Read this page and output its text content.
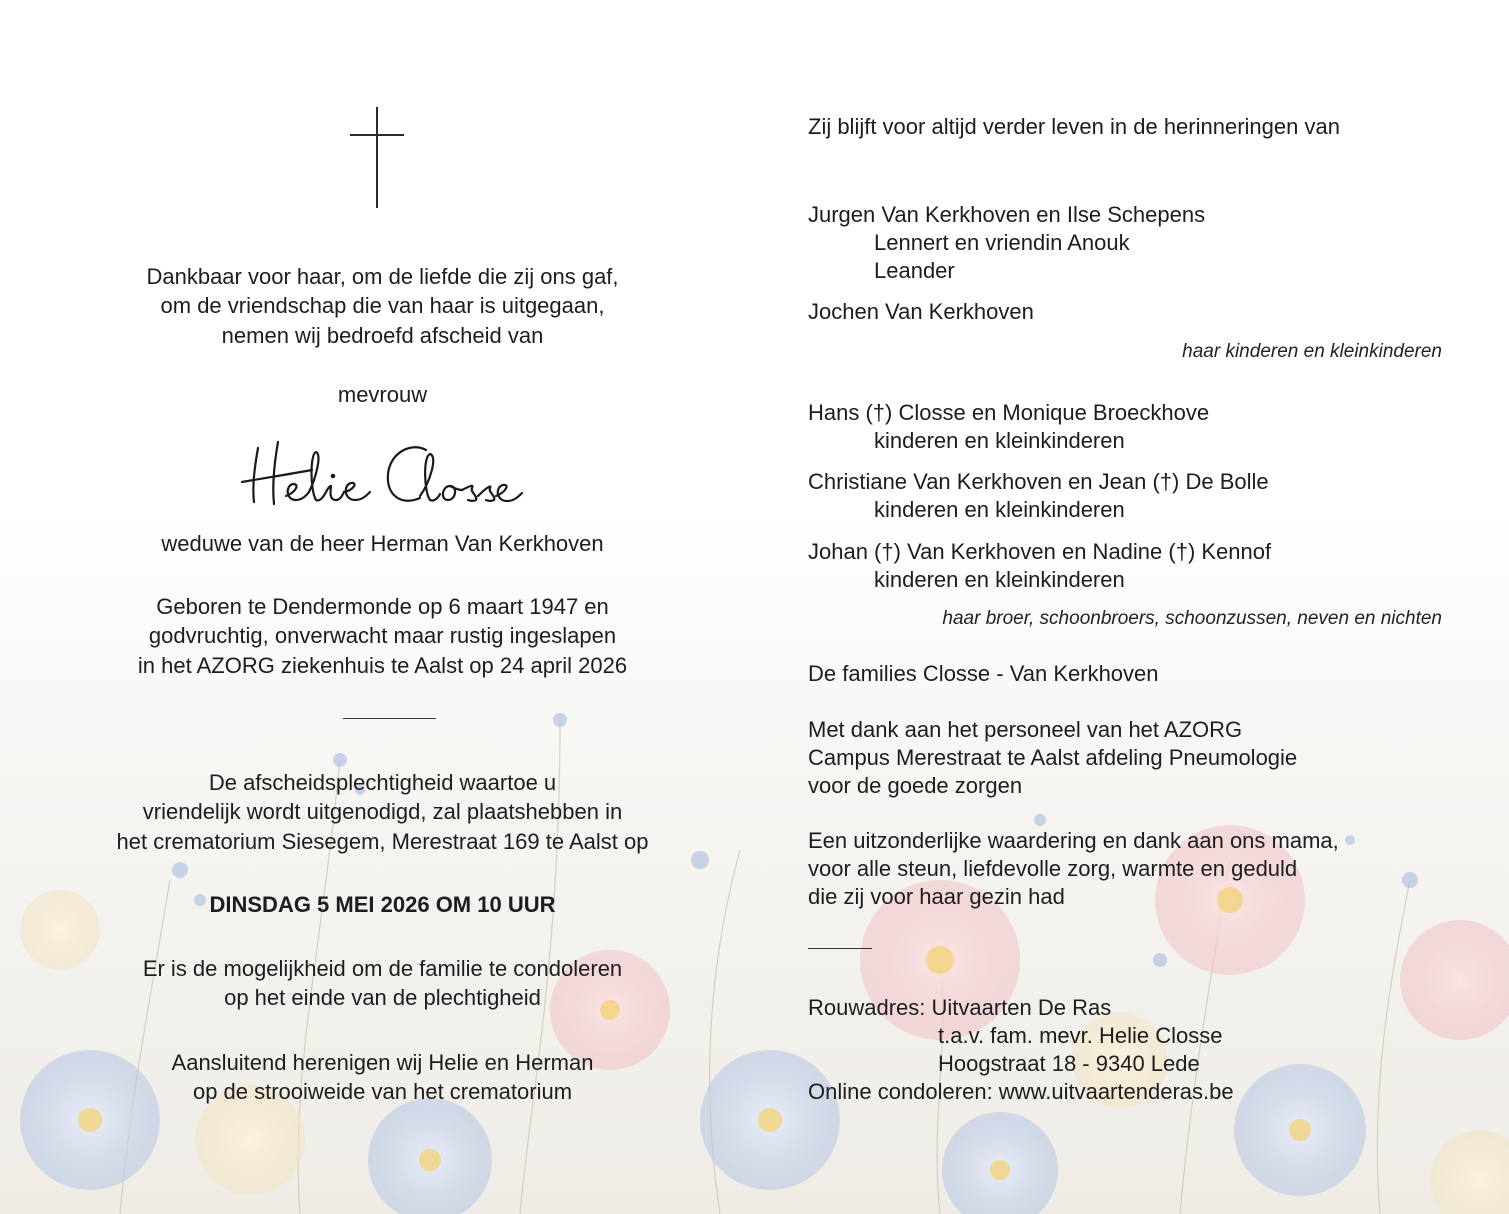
Dankbaar voor haar, om de liefde die zij ons gaf,

om de vriendschap die van haar is uitgegaan,

nemen wij bedroefd afscheid van

mevrouw

weduwe van de heer Herman Van Kerkhoven

Geboren te Dendermonde op 6 maart 1947 en

godvruchtig, onverwacht maar rustig ingeslapen

in het AZORG ziekenhuis te Aalst op 24 april 2026

De afscheidsplechtigheid waartoe u

vriendelijk wordt uitgenodigd, zal plaatshebben in

het crematorium Siesegem, Merestraat 169 te Aalst op

DINSDAG 5 MEI 2026 OM 10 UUR

Er is de mogelijkheid om de familie te condoleren

op het einde van de plechtigheid

Aansluitend herenigen wij Helie en Herman

op de strooiweide van het crematorium

Zij blijft voor altijd verder leven in de herinneringen van

Jurgen Van Kerkhoven en Ilse Schepens

Lennert en vriendin Anouk

Leander

Jochen Van Kerkhoven
haar kinderen en kleinkinderen

Hans (†) Closse en Monique Broeckhove

kinderen en kleinkinderen

Christiane Van Kerkhoven en Jean (†) De Bolle

kinderen en kleinkinderen

Johan (†) Van Kerkhoven en Nadine (†) Kennof

kinderen en kleinkinderen

haar broer, schoonbroers, schoonzussen, neven en nichten
De families Closse - Van Kerkhoven

Met dank aan het personeel van het AZORG

Campus Merestraat te Aalst afdeling Pneumologie

voor de goede zorgen

Een uitzonderlijke waardering en dank aan ons mama,

voor alle steun, liefdevolle zorg, warmte en geduld

die zij voor haar gezin had

Rouwadres: Uitvaarten De Ras

t.a.v. fam. mevr. Helie Closse

Hoogstraat 18 - 9340 Lede

Online condoleren: www.uitvaartenderas.be
